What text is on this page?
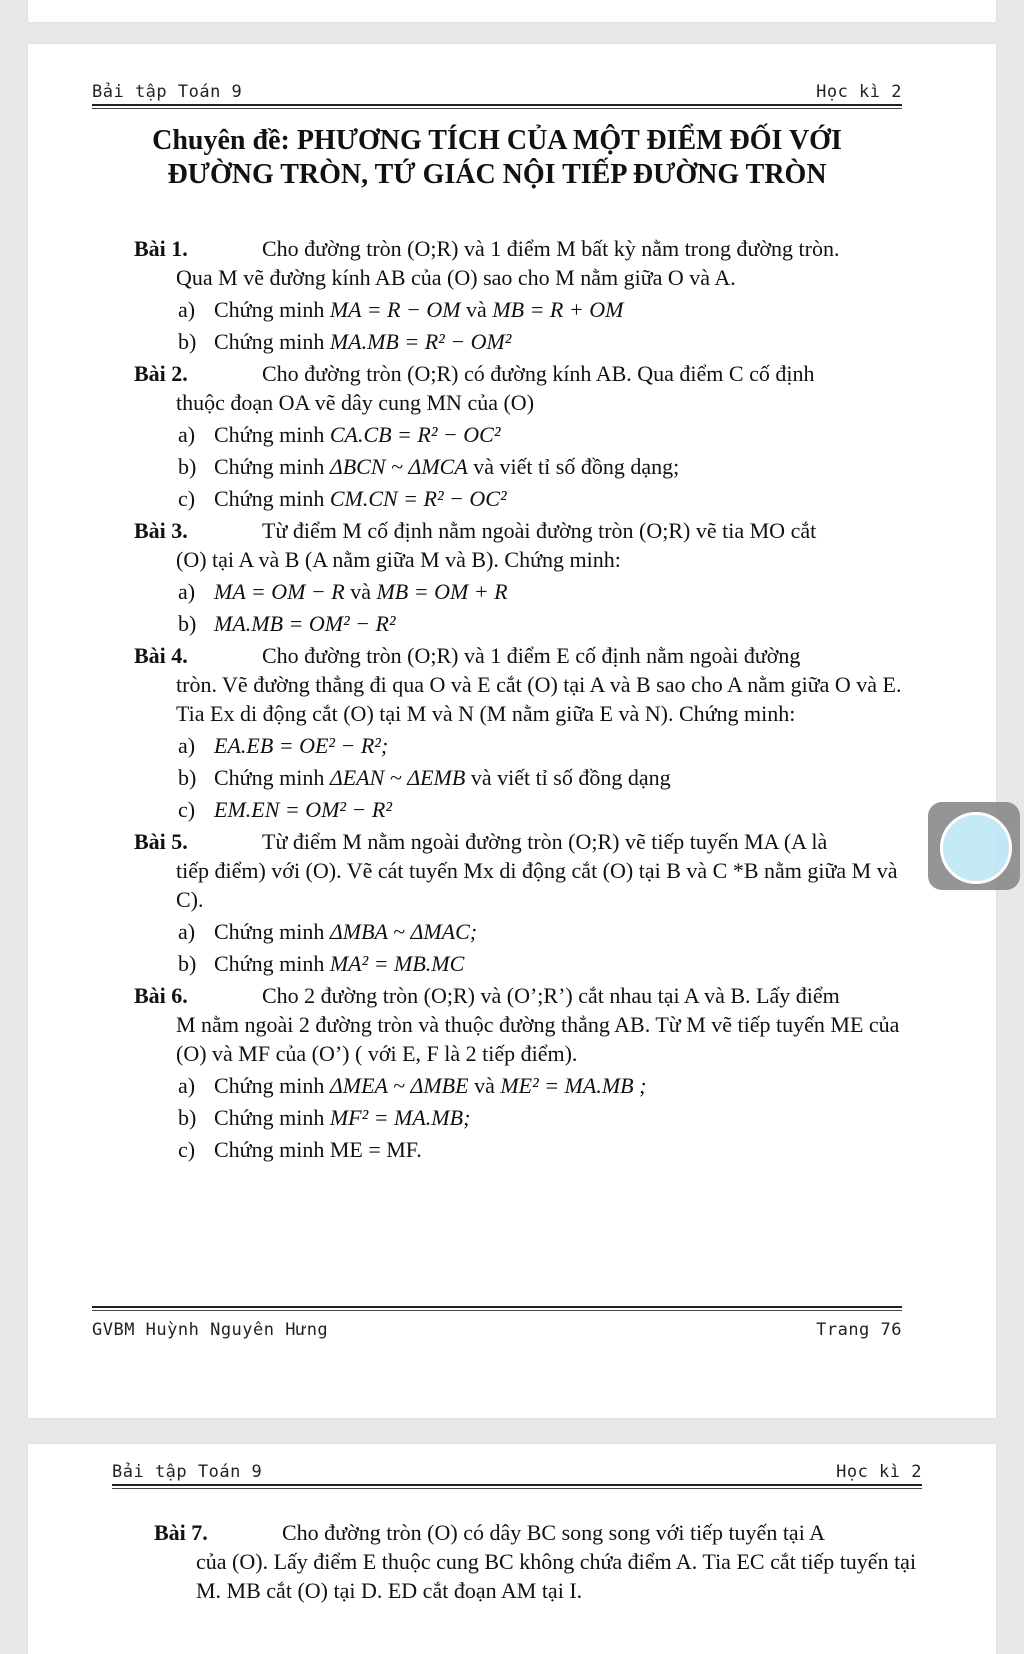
Bải tập Toán 9	Học kì 2
Chuyên đề: PHƯƠNG TÍCH CỦA MỘT ĐIỂM ĐỐI VỚI
ĐƯỜNG TRÒN, TỨ GIÁC NỘI TIẾP ĐƯỜNG TRÒN
Bài 1.	Cho đường tròn (O;R) và 1 điểm M bất kỳ nằm trong đường tròn.
Qua M vẽ đường kính AB của (O) sao cho M nằm giữa O và A.
a) Chứng minh MA = R − OM và MB = R + OM
b) Chứng minh MA.MB = R² − OM²
Bài 2.	Cho đường tròn (O;R) có đường kính AB. Qua điểm C cố định
thuộc đoạn OA vẽ dây cung MN của (O)
a) Chứng minh CA.CB = R² − OC²
b) Chứng minh ΔBCN ~ ΔMCA và viết tỉ số đồng dạng;
c) Chứng minh CM.CN = R² − OC²
Bài 3.	Từ điểm M cố định nằm ngoài đường tròn (O;R) vẽ tia MO cắt
(O) tại A và B (A nằm giữa M và B). Chứng minh:
a) MA = OM − R và MB = OM + R
b) MA.MB = OM² − R²
Bài 4.	Cho đường tròn (O;R) và 1 điểm E cố định nằm ngoài đường
tròn. Vẽ đường thẳng đi qua O và E cắt (O) tại A và B sao cho A nằm giữa O và E. Tia Ex di động cắt (O) tại M và N (M nằm giữa E và N). Chứng minh:
a) EA.EB = OE² − R²;
b) Chứng minh ΔEAN ~ ΔEMB và viết tỉ số đồng dạng
c) EM.EN = OM² − R²
Bài 5.	Từ điểm M nằm ngoài đường tròn (O;R) vẽ tiếp tuyến MA (A là
tiếp điểm) với (O). Vẽ cát tuyến Mx di động cắt (O) tại B và C *B nằm giữa M và C).
a) Chứng minh ΔMBA ~ ΔMAC;
b) Chứng minh MA² = MB.MC
Bài 6.	Cho 2 đường tròn (O;R) và (O’;R’) cắt nhau tại A và B. Lấy điểm
M nằm ngoài 2 đường tròn và thuộc đường thẳng AB. Từ M vẽ tiếp tuyến ME của (O) và MF của (O’) ( với E, F là 2 tiếp điểm).
a) Chứng minh ΔMEA ~ ΔMBE và ME² = MA.MB ;
b) Chứng minh MF² = MA.MB;
c) Chứng minh ME = MF.
GVBM Huỳnh Nguyên Hưng	Trang 76
Bải tập Toán 9	Học kì 2
Bài 7.	Cho đường tròn (O) có dây BC song song với tiếp tuyến tại A
của (O). Lấy điểm E thuộc cung BC không chứa điểm A. Tia EC cắt tiếp tuyến tại M. MB cắt (O) tại D. ED cắt đoạn AM tại I.
